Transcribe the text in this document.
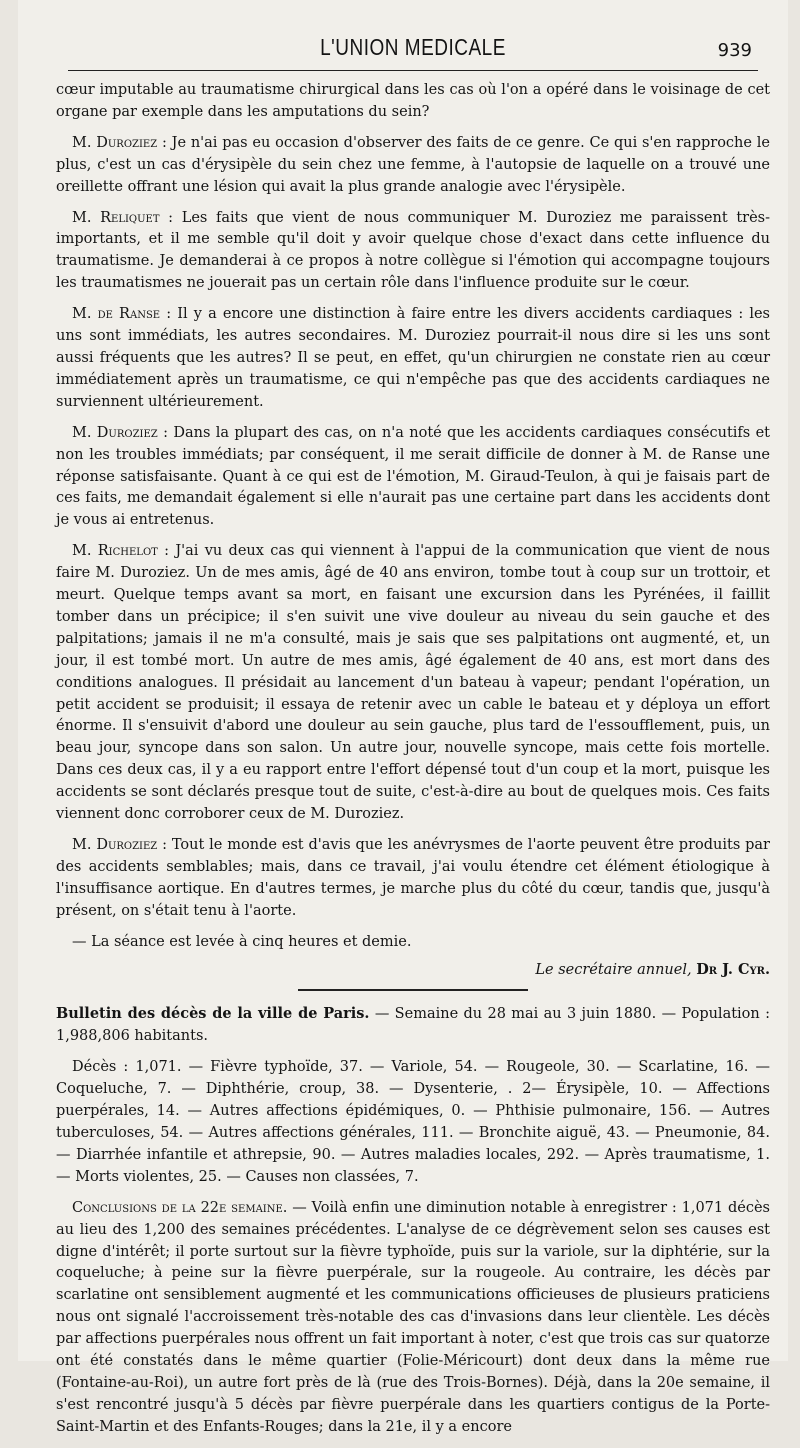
L'UNION MEDICALE	939

cœur imputable au traumatisme chirurgical dans les cas où l'on a opéré dans le voisinage de cet organe par exemple dans les amputations du sein?

M. Duroziez : Je n'ai pas eu occasion d'observer des faits de ce genre. Ce qui s'en rapproche le plus, c'est un cas d'érysipèle du sein chez une femme, à l'autopsie de laquelle on a trouvé une oreillette offrant une lésion qui avait la plus grande analogie avec l'érysipèle.

M. Reliquet : Les faits que vient de nous communiquer M. Duroziez me paraissent très-importants, et il me semble qu'il doit y avoir quelque chose d'exact dans cette influence du traumatisme. Je demanderai à ce propos à notre collègue si l'émotion qui accompagne toujours les traumatismes ne jouerait pas un certain rôle dans l'influence produite sur le cœur.

M. de Ranse : Il y a encore une distinction à faire entre les divers accidents cardiaques : les uns sont immédiats, les autres secondaires. M. Duroziez pourrait-il nous dire si les uns sont aussi fréquents que les autres? Il se peut, en effet, qu'un chirurgien ne constate rien au cœur immédiatement après un traumatisme, ce qui n'empêche pas que des accidents cardiaques ne surviennent ultérieurement.

M. Duroziez : Dans la plupart des cas, on n'a noté que les accidents cardiaques consécutifs et non les troubles immédiats; par conséquent, il me serait difficile de donner à M. de Ranse une réponse satisfaisante. Quant à ce qui est de l'émotion, M. Giraud-Teulon, à qui je faisais part de ces faits, me demandait également si elle n'aurait pas une certaine part dans les accidents dont je vous ai entretenus.

M. Richelot : J'ai vu deux cas qui viennent à l'appui de la communication que vient de nous faire M. Duroziez. Un de mes amis, âgé de 40 ans environ, tombe tout à coup sur un trottoir, et meurt. Quelque temps avant sa mort, en faisant une excursion dans les Pyrénées, il faillit tomber dans un précipice; il s'en suivit une vive douleur au niveau du sein gauche et des palpitations; jamais il ne m'a consulté, mais je sais que ses palpitations ont augmenté, et, un jour, il est tombé mort. Un autre de mes amis, âgé également de 40 ans, est mort dans des conditions analogues. Il présidait au lancement d'un bateau à vapeur; pendant l'opération, un petit accident se produisit; il essaya de retenir avec un cable le bateau et y déploya un effort énorme. Il s'ensuivit d'abord une douleur au sein gauche, plus tard de l'essoufflement, puis, un beau jour, syncope dans son salon. Un autre jour, nouvelle syncope, mais cette fois mortelle. Dans ces deux cas, il y a eu rapport entre l'effort dépensé tout d'un coup et la mort, puisque les accidents se sont déclarés presque tout de suite, c'est-à-dire au bout de quelques mois. Ces faits viennent donc corroborer ceux de M. Duroziez.

M. Duroziez : Tout le monde est d'avis que les anévrysmes de l'aorte peuvent être produits par des accidents semblables; mais, dans ce travail, j'ai voulu étendre cet élément étiologique à l'insuffisance aortique. En d'autres termes, je marche plus du côté du cœur, tandis que, jusqu'à présent, on s'était tenu à l'aorte.

— La séance est levée à cinq heures et demie.

Le secrétaire annuel, Dr J. Cyr.

Bulletin des décès de la ville de Paris. — Semaine du 28 mai au 3 juin 1880. — Population : 1,988,806 habitants.

Décès : 1,071. — Fièvre typhoïde, 37. — Variole, 54. — Rougeole, 30. — Scarlatine, 16. — Coqueluche, 7. — Diphthérie, croup, 38. — Dysenterie, . 2— Érysipèle, 10. — Affections puerpérales, 14. — Autres affections épidémiques, 0. — Phthisie pulmonaire, 156. — Autres tuberculoses, 54. — Autres affections générales, 111. — Bronchite aiguë, 43. — Pneumonie, 84. — Diarrhée infantile et athrepsie, 90. — Autres maladies locales, 292. — Après traumatisme, 1. — Morts violentes, 25. — Causes non classées, 7.

Conclusions de la 22e semaine. — Voilà enfin une diminution notable à enregistrer : 1,071 décès au lieu des 1,200 des semaines précédentes. L'analyse de ce dégrèvement selon ses causes est digne d'intérêt; il porte surtout sur la fièvre typhoïde, puis sur la variole, sur la diphtérie, sur la coqueluche; à peine sur la fièvre puerpérale, sur la rougeole. Au contraire, les décès par scarlatine ont sensiblement augmenté et les communications officieuses de plusieurs praticiens nous ont signalé l'accroissement très-notable des cas d'invasions dans leur clientèle. Les décès par affections puerpérales nous offrent un fait important à noter, c'est que trois cas sur quatorze ont été constatés dans le même quartier (Folie-Méricourt) dont deux dans la même rue (Fontaine-au-Roi), un autre fort près de là (rue des Trois-Bornes). Déjà, dans la 20e semaine, il s'est rencontré jusqu'à 5 décès par fièvre puerpérale dans les quartiers contigus de la Porte-Saint-Martin et des Enfants-Rouges; dans la 21e, il y a encore
